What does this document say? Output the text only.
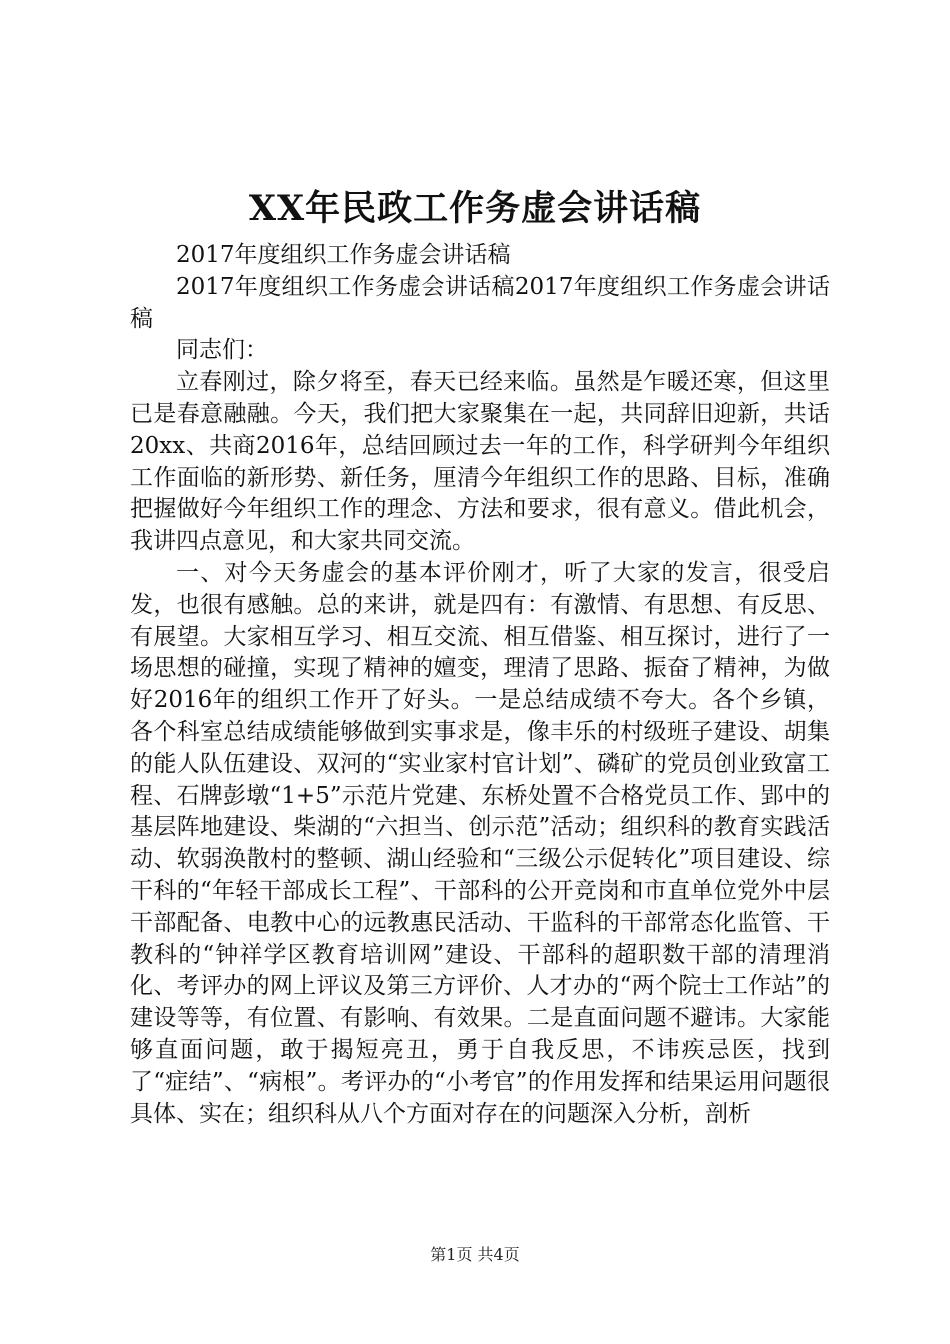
XX年民政工作务虚会讲话稿

2017年度组织工作务虚会讲话稿

2017年度组织工作务虚会讲话稿2017年度组织工作务虚会讲话稿

同志们：

立春刚过，除夕将至，春天已经来临。虽然是乍暖还寒，但这里已是春意融融。今天，我们把大家聚集在一起，共同辞旧迎新，共话20xx、共商2016年，总结回顾过去一年的工作，科学研判今年组织工作面临的新形势、新任务，厘清今年组织工作的思路、目标，准确把握做好今年组织工作的理念、方法和要求，很有意义。借此机会，我讲四点意见，和大家共同交流。

一、对今天务虚会的基本评价刚才，听了大家的发言，很受启发，也很有感触。总的来讲，就是四有：有激情、有思想、有反思、有展望。大家相互学习、相互交流、相互借鉴、相互探讨，进行了一场思想的碰撞，实现了精神的嬗变，理清了思路、振奋了精神，为做好2016年的组织工作开了好头。一是总结成绩不夸大。各个乡镇，各个科室总结成绩能够做到实事求是，像丰乐的村级班子建设、胡集的能人队伍建设、双河的“实业家村官计划”、磷矿的党员创业致富工程、石牌彭墩“1+5”示范片党建、东桥处置不合格党员工作、郢中的基层阵地建设、柴湖的“六担当、创示范”活动；组织科的教育实践活动、软弱涣散村的整顿、湖山经验和“三级公示促转化”项目建设、综干科的“年轻干部成长工程”、干部科的公开竞岗和市直单位党外中层干部配备、电教中心的远教惠民活动、干监科的干部常态化监管、干教科的“钟祥学区教育培训网”建设、干部科的超职数干部的清理消化、考评办的网上评议及第三方评价、人才办的“两个院士工作站”的建设等等，有位置、有影响、有效果。二是直面问题不避讳。大家能够直面问题，敢于揭短亮丑，勇于自我反思，不讳疾忌医，找到了“症结”、“病根”。考评办的“小考官”的作用发挥和结果运用问题很具体、实在；组织科从八个方面对存在的问题深入分析，剖析

第1页 共4页
